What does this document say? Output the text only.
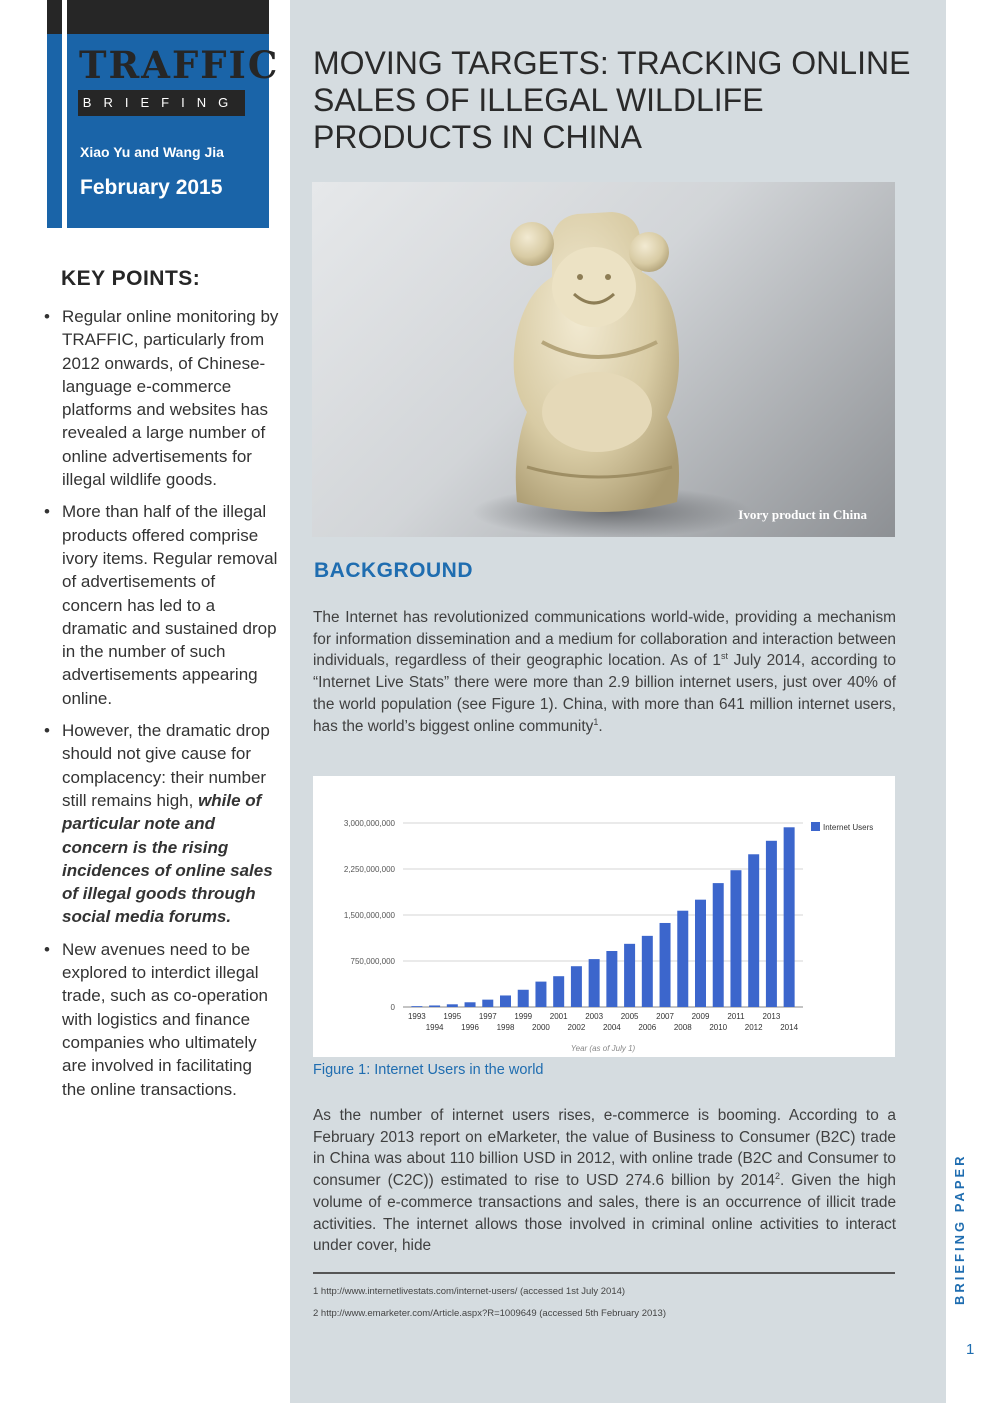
TRAFFIC
BRIEFING
Xiao Yu and Wang Jia
February 2015
KEY POINTS:
• Regular online monitoring by TRAFFIC, particularly from 2012 onwards, of Chinese-language e-commerce platforms and websites has revealed a large number of online advertisements for illegal wildlife goods.
• More than half of the illegal products offered comprise ivory items. Regular removal of advertisements of concern has led to a dramatic and sustained drop in the number of such advertisements appearing online.
• However, the dramatic drop should not give cause for complacency: their number still remains high, while of particular note and concern is the rising incidences of online sales of illegal goods through social media forums.
• New avenues need to be explored to interdict illegal trade, such as co-operation with logistics and finance companies who ultimately are involved in facilitating the online transactions.
MOVING TARGETS: TRACKING ONLINE SALES OF ILLEGAL WILDLIFE PRODUCTS IN CHINA
Ivory product in China
BACKGROUND
The Internet has revolutionized communications world-wide, providing a mechanism for information dissemination and a medium for collaboration and interaction between individuals, regardless of their geographic location. As of 1st July 2014, according to “Internet Live Stats” there were more than 2.9 billion internet users, just over 40% of the world population (see Figure 1). China, with more than 641 million internet users, has the world’s biggest online community$^1$.
3,000,000,000
2,250,000,000
1,500,000,000
750,000,000
0
1993
1994
1995
1996
1997
1998
1999
2000
2001
2002
2003
2004
2005
2006
2007
2008
2009
2010
2011
2012
2013
2014
Year (as of July 1)
Internet Users
Figure 1: Internet Users in the world
As the number of internet users rises, e-commerce is booming. According to a February 2013 report on eMarketer, the value of Business to Consumer (B2C) trade in China was about 110 billion USD in 2012, with online trade (B2C and Consumer to consumer (C2C)) estimated to rise to USD 274.6 billion by 2014$^2$. Given the high volume of e-commerce transactions and sales, there is an occurrence of illicit trade activities. The internet allows those involved in criminal online activities to interact under cover, hide
1 http://www.internetlivestats.com/internet-users/ (accessed 1st July 2014)
2 http://www.emarketer.com/Article.aspx?R=1009649 (accessed 5th February 2013)
BRIEFING PAPER
1
